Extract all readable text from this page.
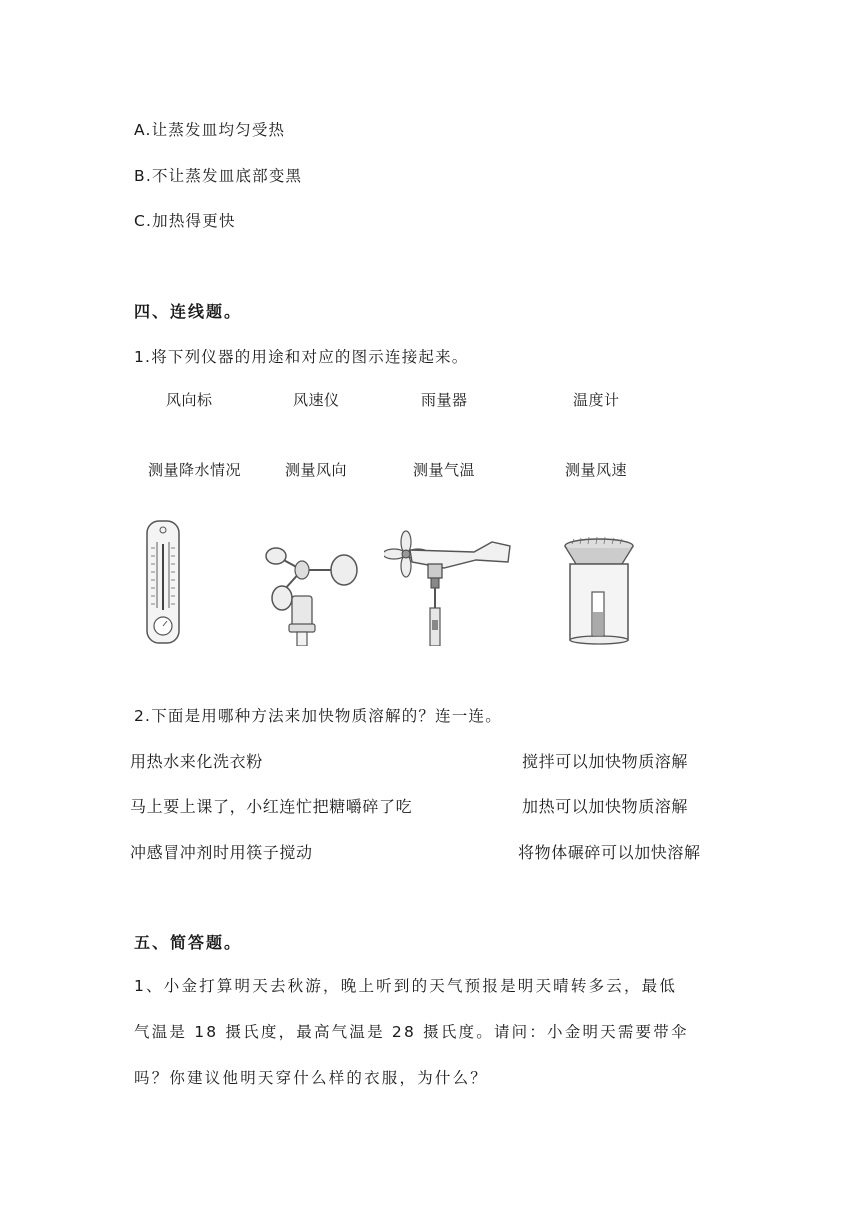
A.让蒸发皿均匀受热
B.不让蒸发皿底部变黑
C.加热得更快
四、连线题。
1.将下列仪器的用途和对应的图示连接起来。
风向标	风速仪	雨量器	温度计
测量降水情况	测量风向	测量气温	测量风速
2.下面是用哪种方法来加快物质溶解的？连一连。
用热水来化洗衣粉
马上要上课了，小红连忙把糖嚼碎了吃
冲感冒冲剂时用筷子搅动
搅拌可以加快物质溶解
加热可以加快物质溶解
将物体碾碎可以加快溶解
五、简答题。
1、小金打算明天去秋游，晚上听到的天气预报是明天晴转多云，最低
气温是 18 摄氏度，最高气温是 28 摄氏度。请问：小金明天需要带伞
吗？你建议他明天穿什么样的衣服，为什么？
